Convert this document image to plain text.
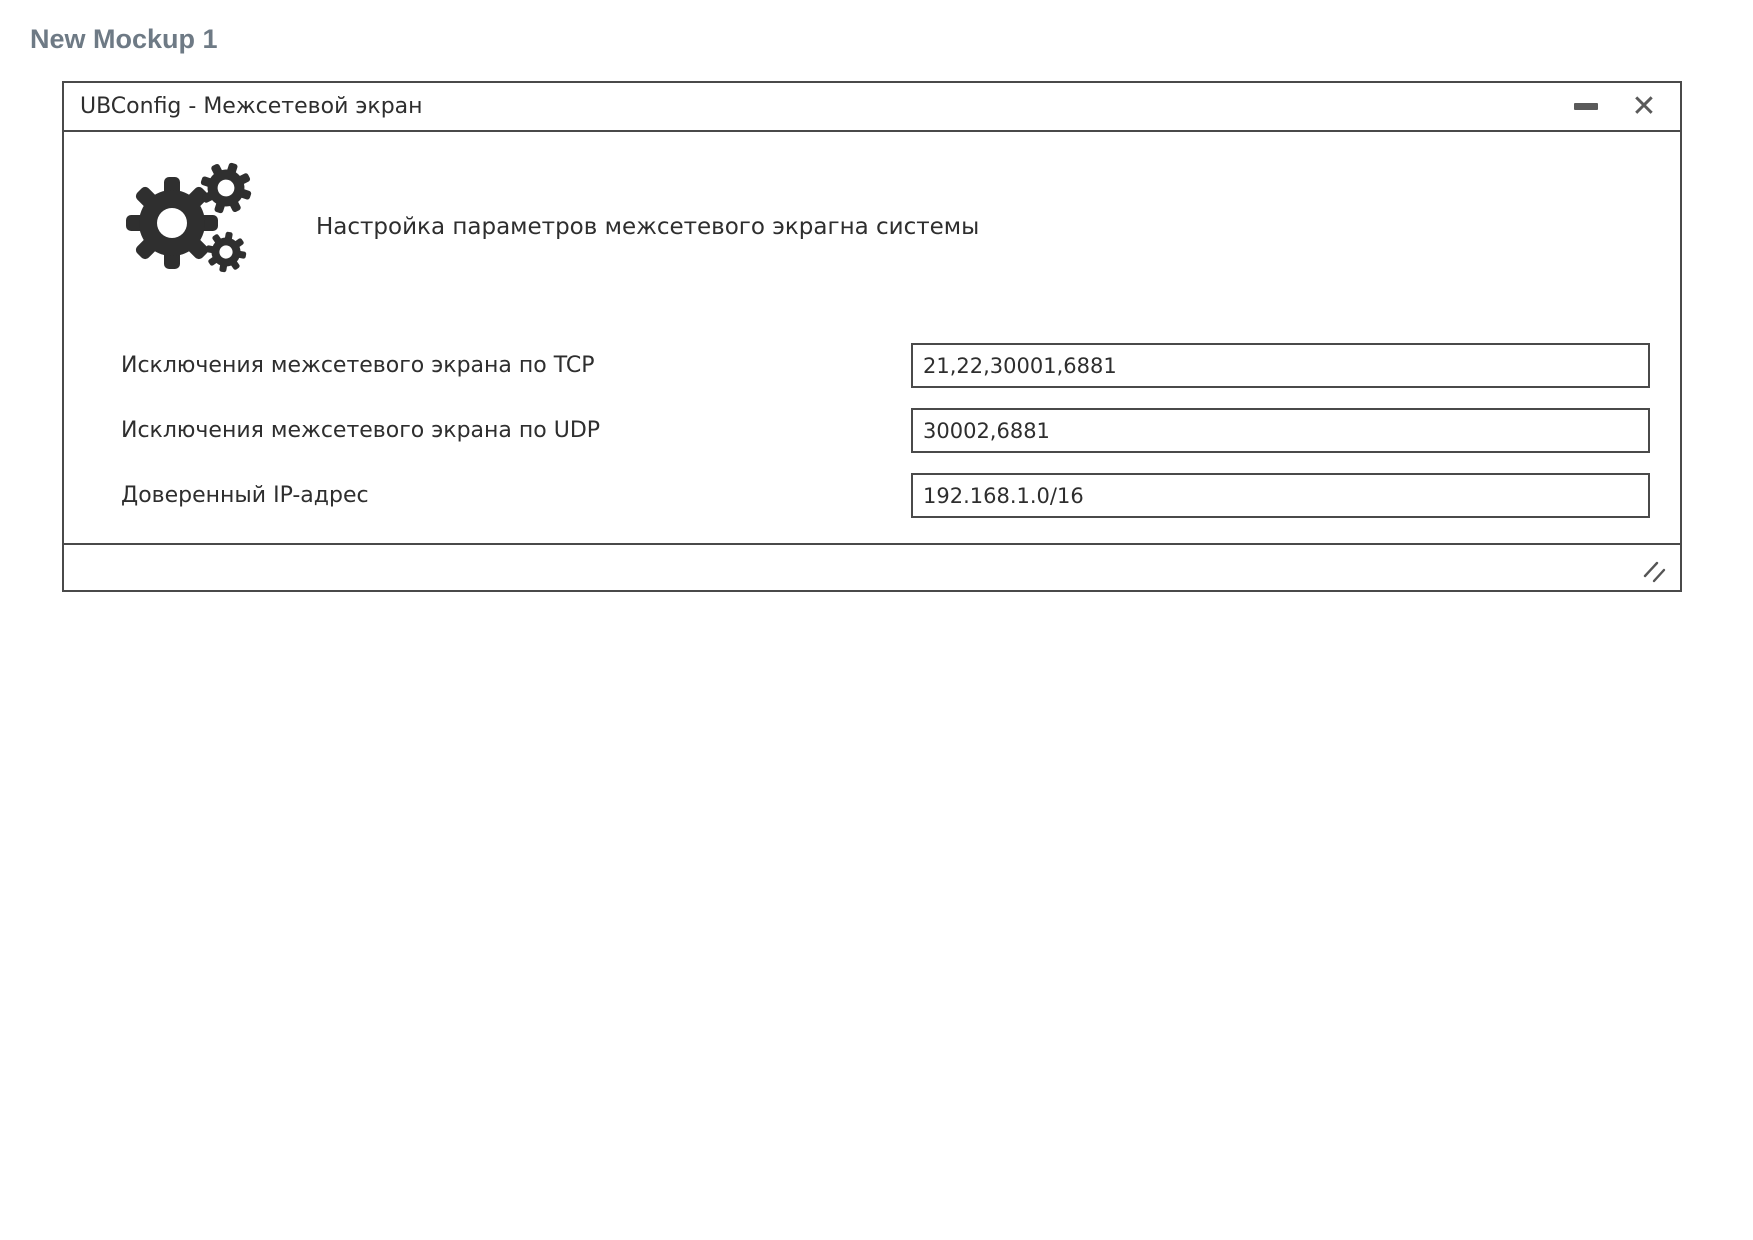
New Mockup 1
UBConfig - Межсетевой экран	✕
Настройка параметров межсетевого экрагна системы
Исключения межсетевого экрана по TCP
21,22,30001,6881
Исключения межсетевого экрана по UDP
30002,6881
Доверенный IP-адрес
192.168.1.0/16
